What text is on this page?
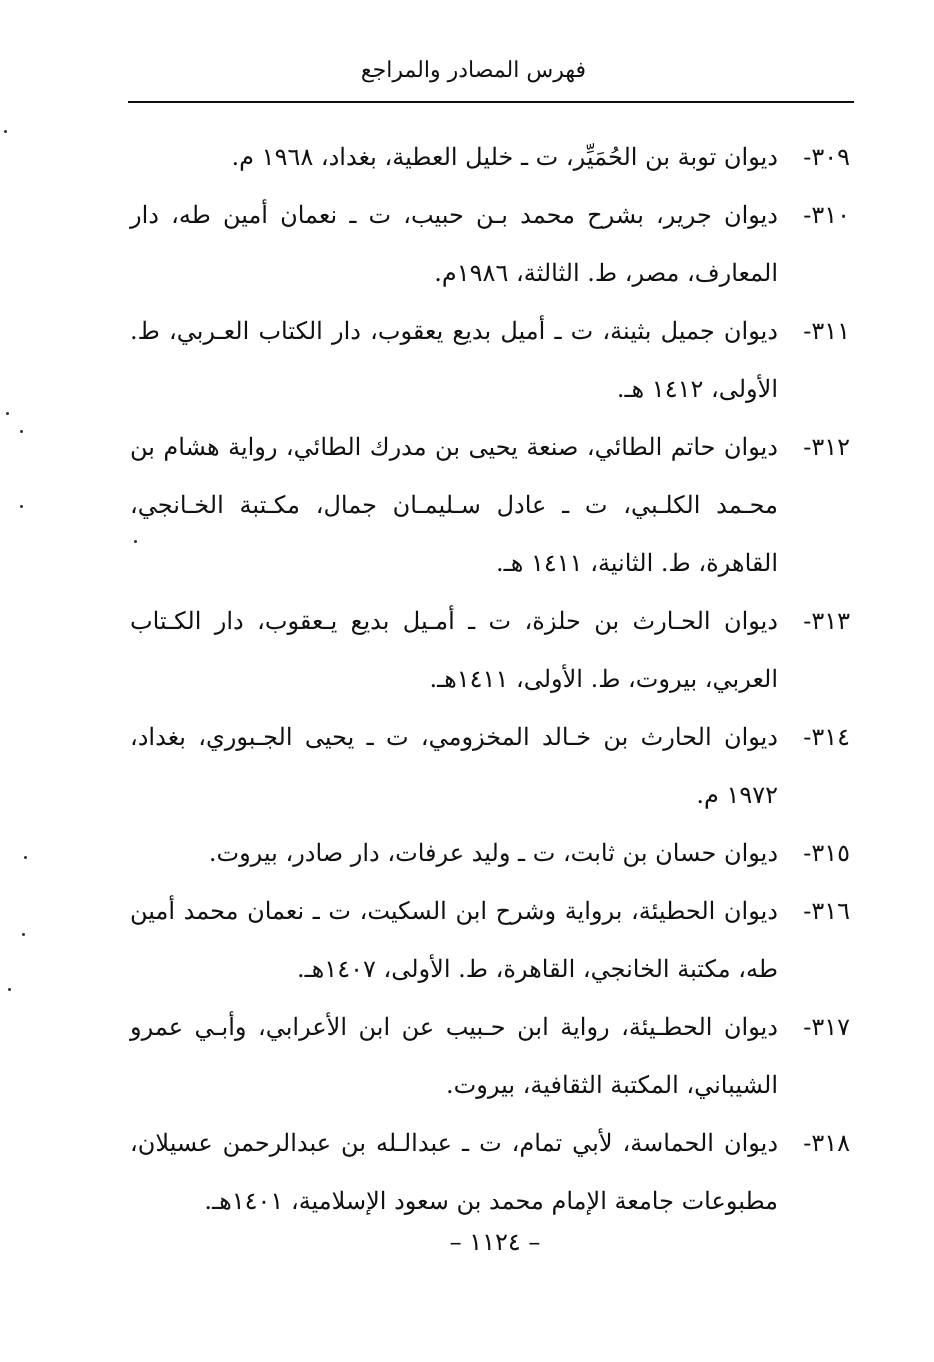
فهرس المصادر والمراجع
٣٠٩-
ديوان توبة بن الحُمَيِّر، ت ـ خليل العطية، بغداد، ١٩٦٨ م.
٣١٠-
ديوان جرير، بشرح محمد بـن حبيب، ت ـ نعمان أمين طه، دار المعارف، مصر، ط. الثالثة، ١٩٨٦م.
٣١١-
ديوان جميل بثينة، ت ـ أميل بديع يعقوب، دار الكتاب العـربي، ط. الأولى، ١٤١٢ هـ.
٣١٢-
ديوان حاتم الطائي، صنعة يحيى بن مدرك الطائي، رواية هشام بن محـمد الكلـبي، ت ـ عادل سـليمـان جمال، مكـتبة الخـانجي، القاهرة، ط. الثانية، ١٤١١ هـ.
٣١٣-
ديوان الحـارث بن حلزة، ت ـ أمـيل بديع يـعقوب، دار الكـتاب العربي، بيروت، ط. الأولى، ١٤١١هـ.
٣١٤-
ديوان الحارث بن خـالد المخزومي، ت ـ يحيى الجـبوري، بغداد، ١٩٧٢ م.
٣١٥-
ديوان حسان بن ثابت، ت ـ وليد عرفات، دار صادر، بيروت.
٣١٦-
ديوان الحطيئة، برواية وشرح ابن السكيت، ت ـ نعمان محمد أمين طه، مكتبة الخانجي، القاهرة، ط. الأولى، ١٤٠٧هـ.
٣١٧-
ديوان الحطـيئة، رواية ابن حـبيب عن ابن الأعرابي، وأبـي عمرو الشيباني، المكتبة الثقافية، بيروت.
٣١٨-
ديوان الحماسة، لأبي تمام، ت ـ عبدالـله بن عبدالرحمن عسيلان، مطبوعات جامعة الإمام محمد بن سعود الإسلامية، ١٤٠١هـ.
– ١١٢٤ –
